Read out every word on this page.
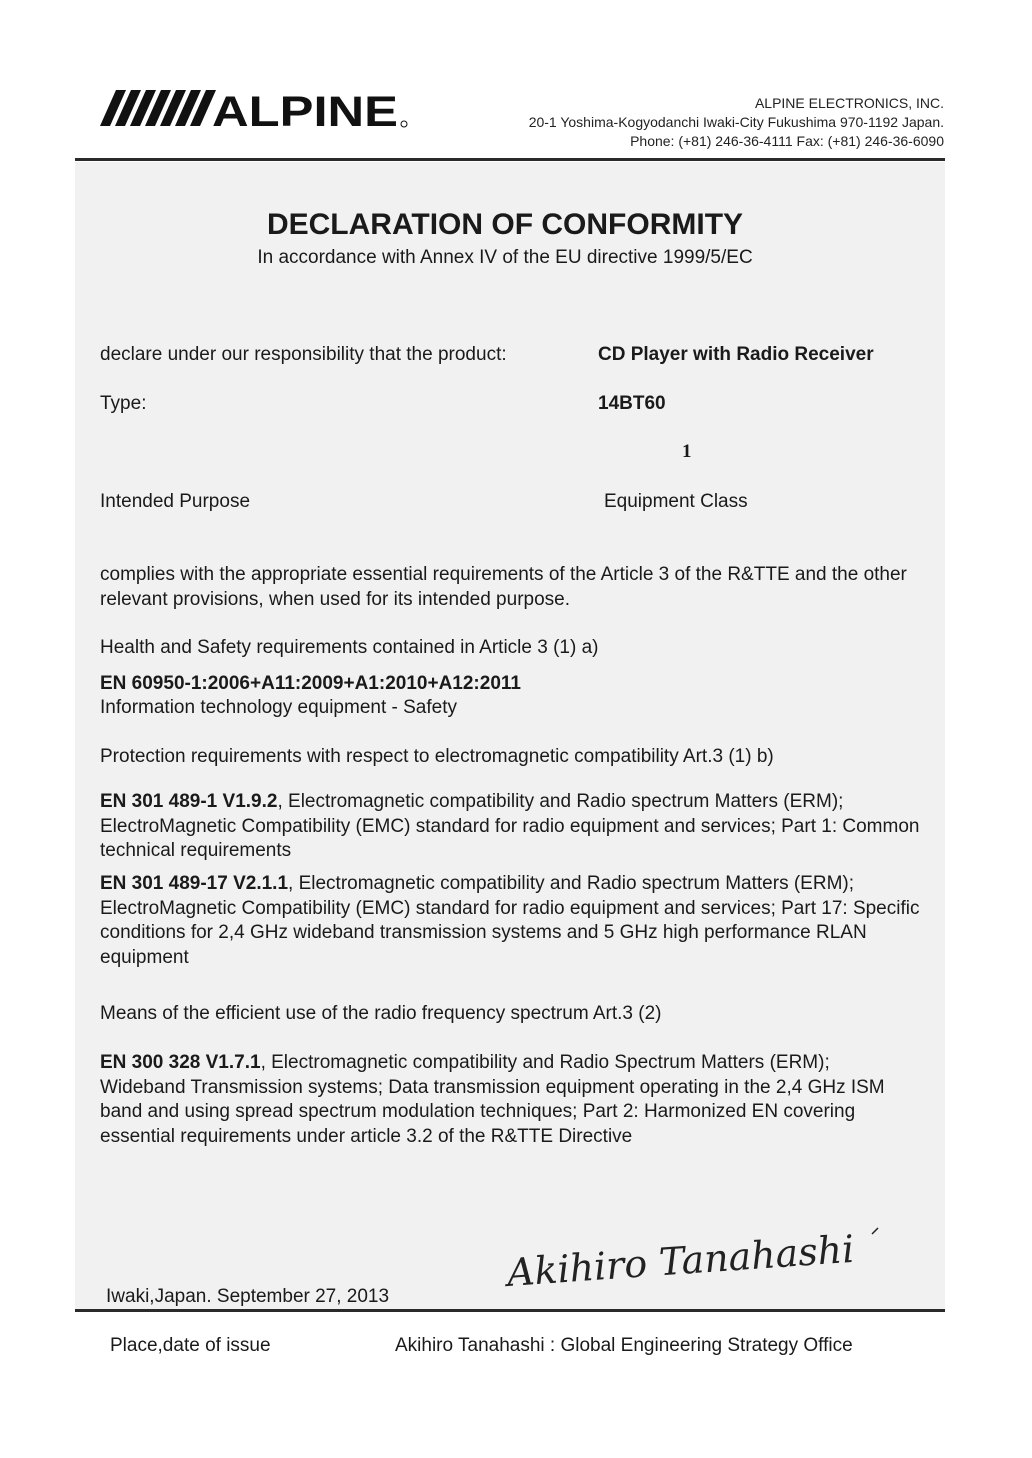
ALPINE	ALPINE ELECTRONICS, INC.
20-1 Yoshima-Kogyodanchi Iwaki-City Fukushima 970-1192 Japan.
Phone: (+81) 246-36-4111 Fax: (+81) 246-36-6090
DECLARATION OF CONFORMITY
In accordance with Annex IV of the EU directive 1999/5/EC
declare under our responsibility that the product:	CD Player with Radio Receiver
Type:	14BT60
1
Intended Purpose	Equipment Class
complies with the appropriate essential requirements of the Article 3 of the R&TTE and the other relevant provisions, when used for its intended purpose.
Health and Safety requirements contained in Article 3 (1) a)
EN 60950-1:2006+A11:2009+A1:2010+A12:2011
Information technology equipment - Safety
Protection requirements with respect to electromagnetic compatibility Art.3 (1) b)
EN 301 489-1 V1.9.2, Electromagnetic compatibility and Radio spectrum Matters (ERM); ElectroMagnetic Compatibility (EMC) standard for radio equipment and services; Part 1: Common technical requirements
EN 301 489-17 V2.1.1, Electromagnetic compatibility and Radio spectrum Matters (ERM); ElectroMagnetic Compatibility (EMC) standard for radio equipment and services; Part 17: Specific conditions for 2,4 GHz wideband transmission systems and 5 GHz high performance RLAN equipment
Means of the efficient use of the radio frequency spectrum Art.3 (2)
EN 300 328 V1.7.1, Electromagnetic compatibility and Radio Spectrum Matters (ERM); Wideband Transmission systems; Data transmission equipment operating in the 2,4 GHz ISM band and using spread spectrum modulation techniques; Part 2: Harmonized EN covering essential requirements under article 3.2 of the R&TTE Directive
Akihiro Tanahashi
Iwaki,Japan. September 27, 2013
Place,date of issue	Akihiro Tanahashi : Global Engineering Strategy Office
